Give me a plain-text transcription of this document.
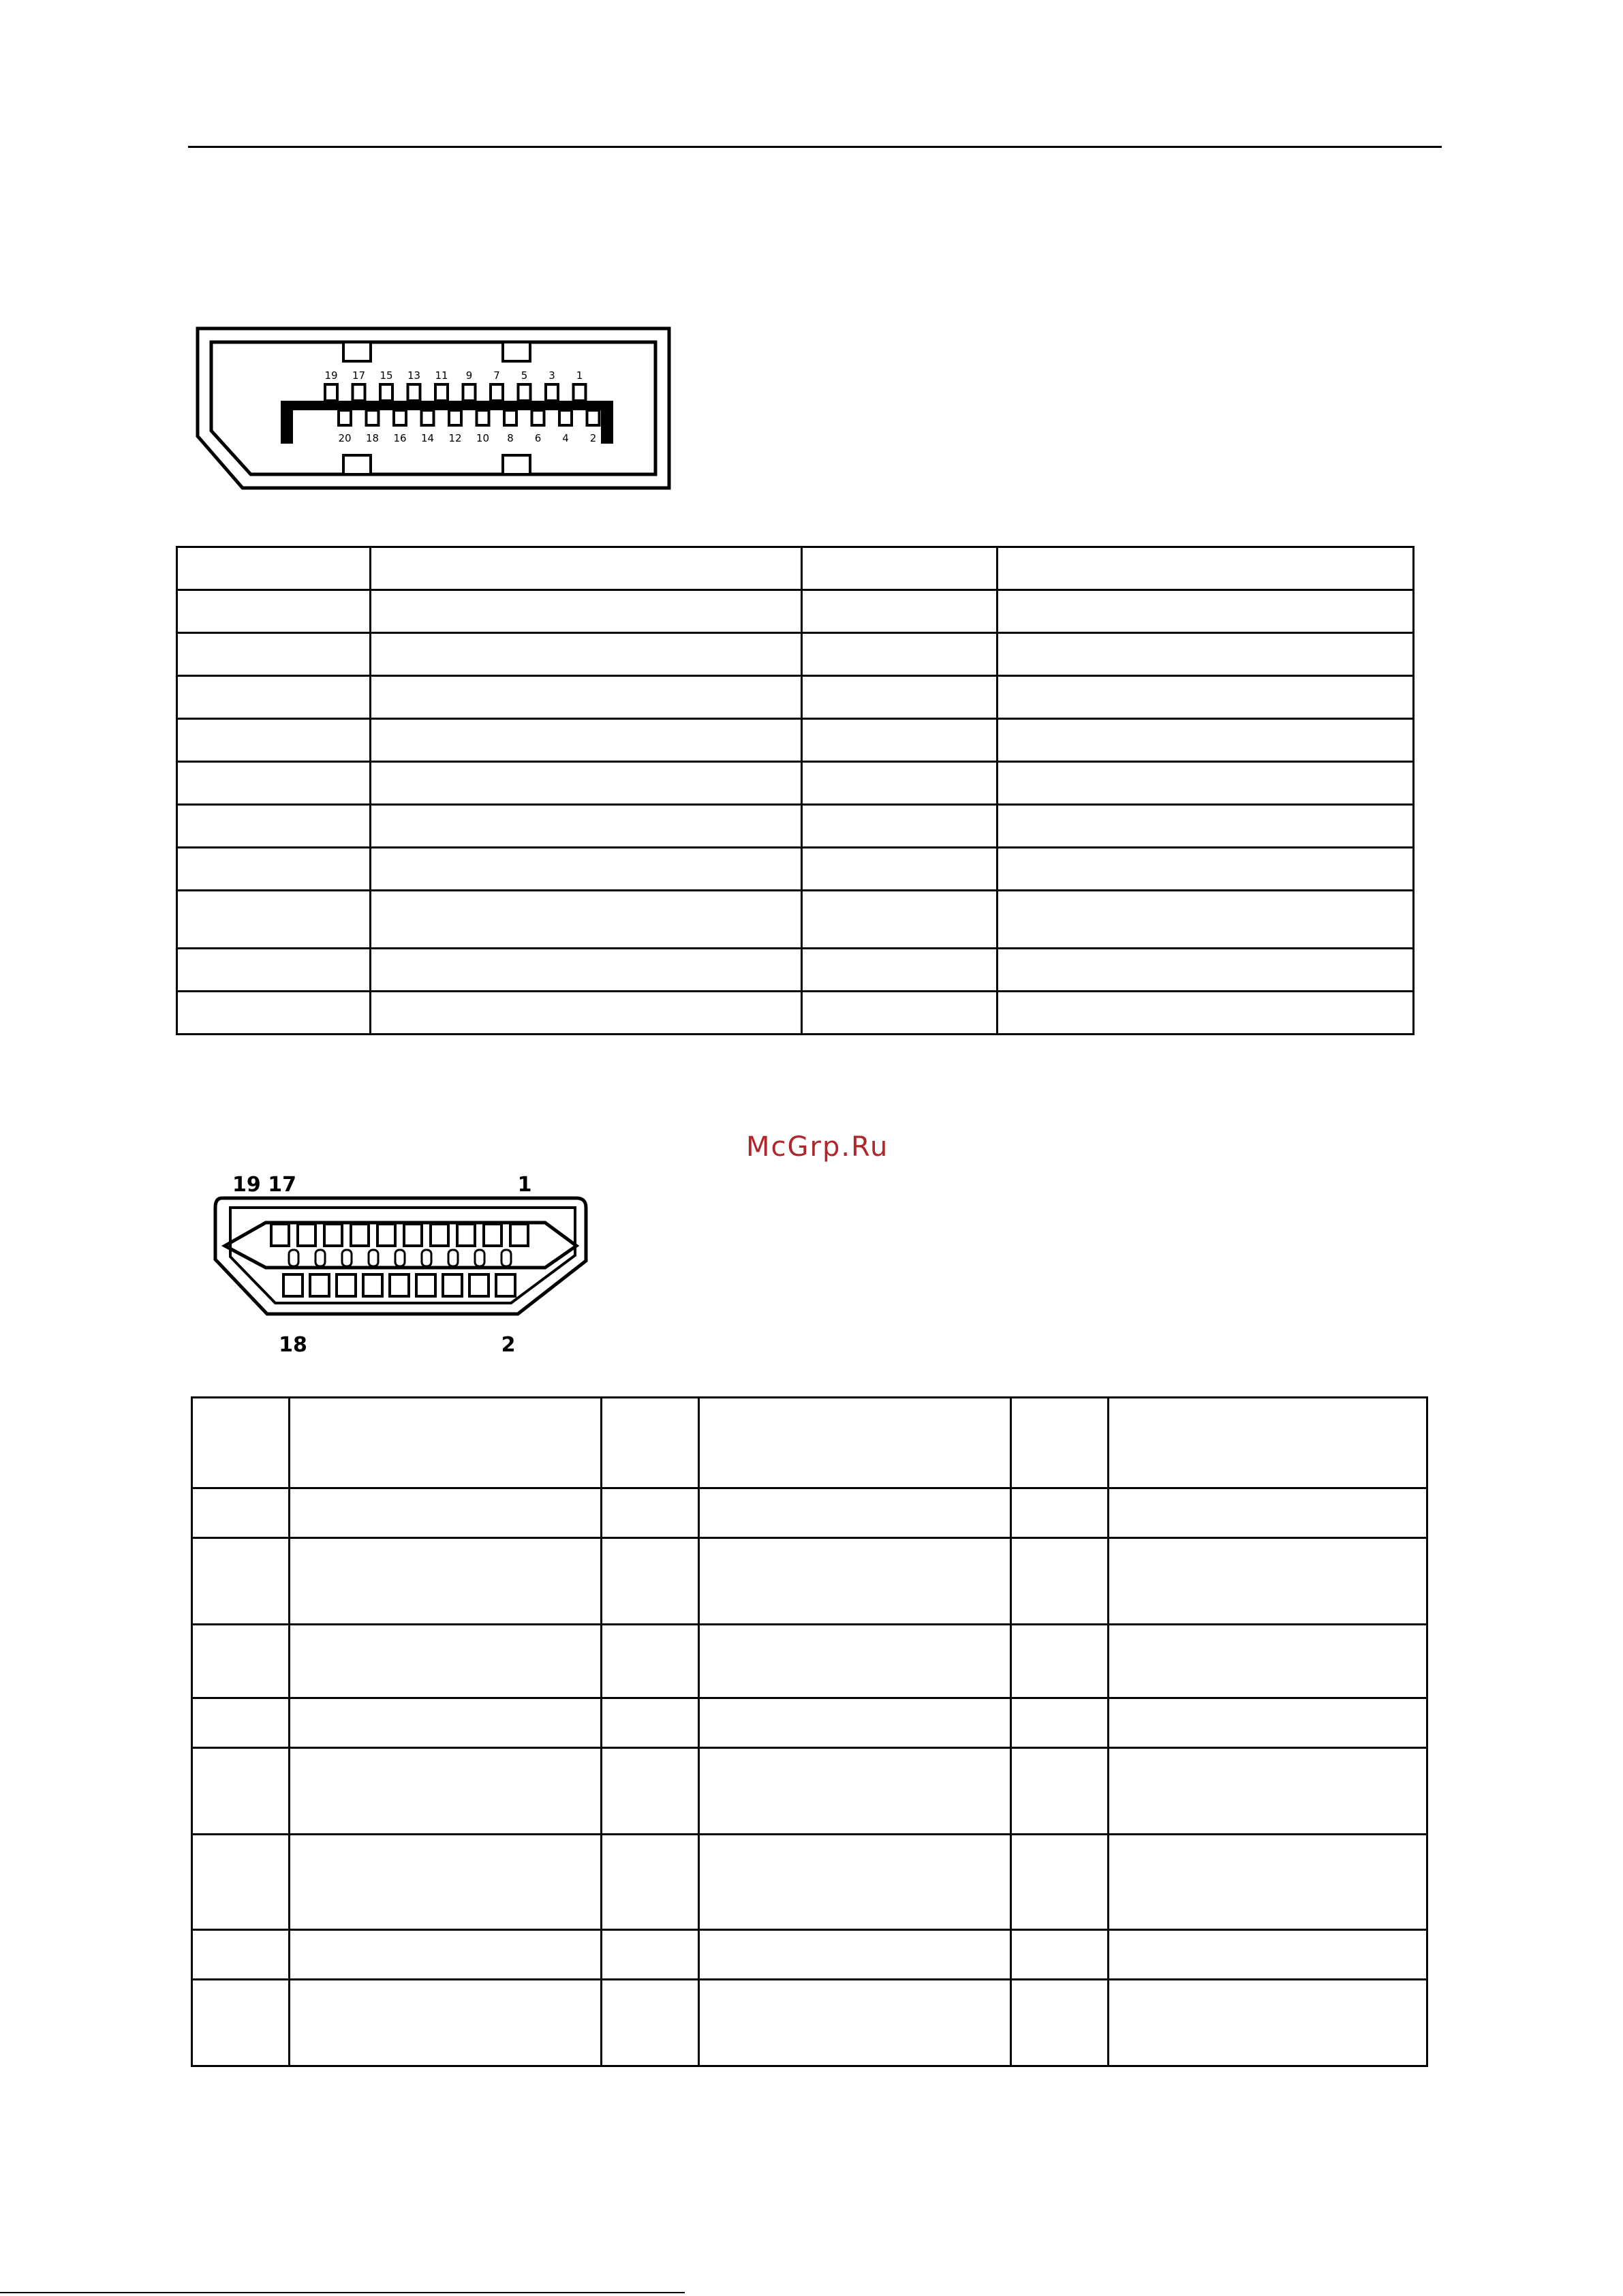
19 17 15 13 11 9 7 5 3 1
20 18 16 14 12 10 8 6 4 2

McGrp.Ru
19 17	1
18	2
